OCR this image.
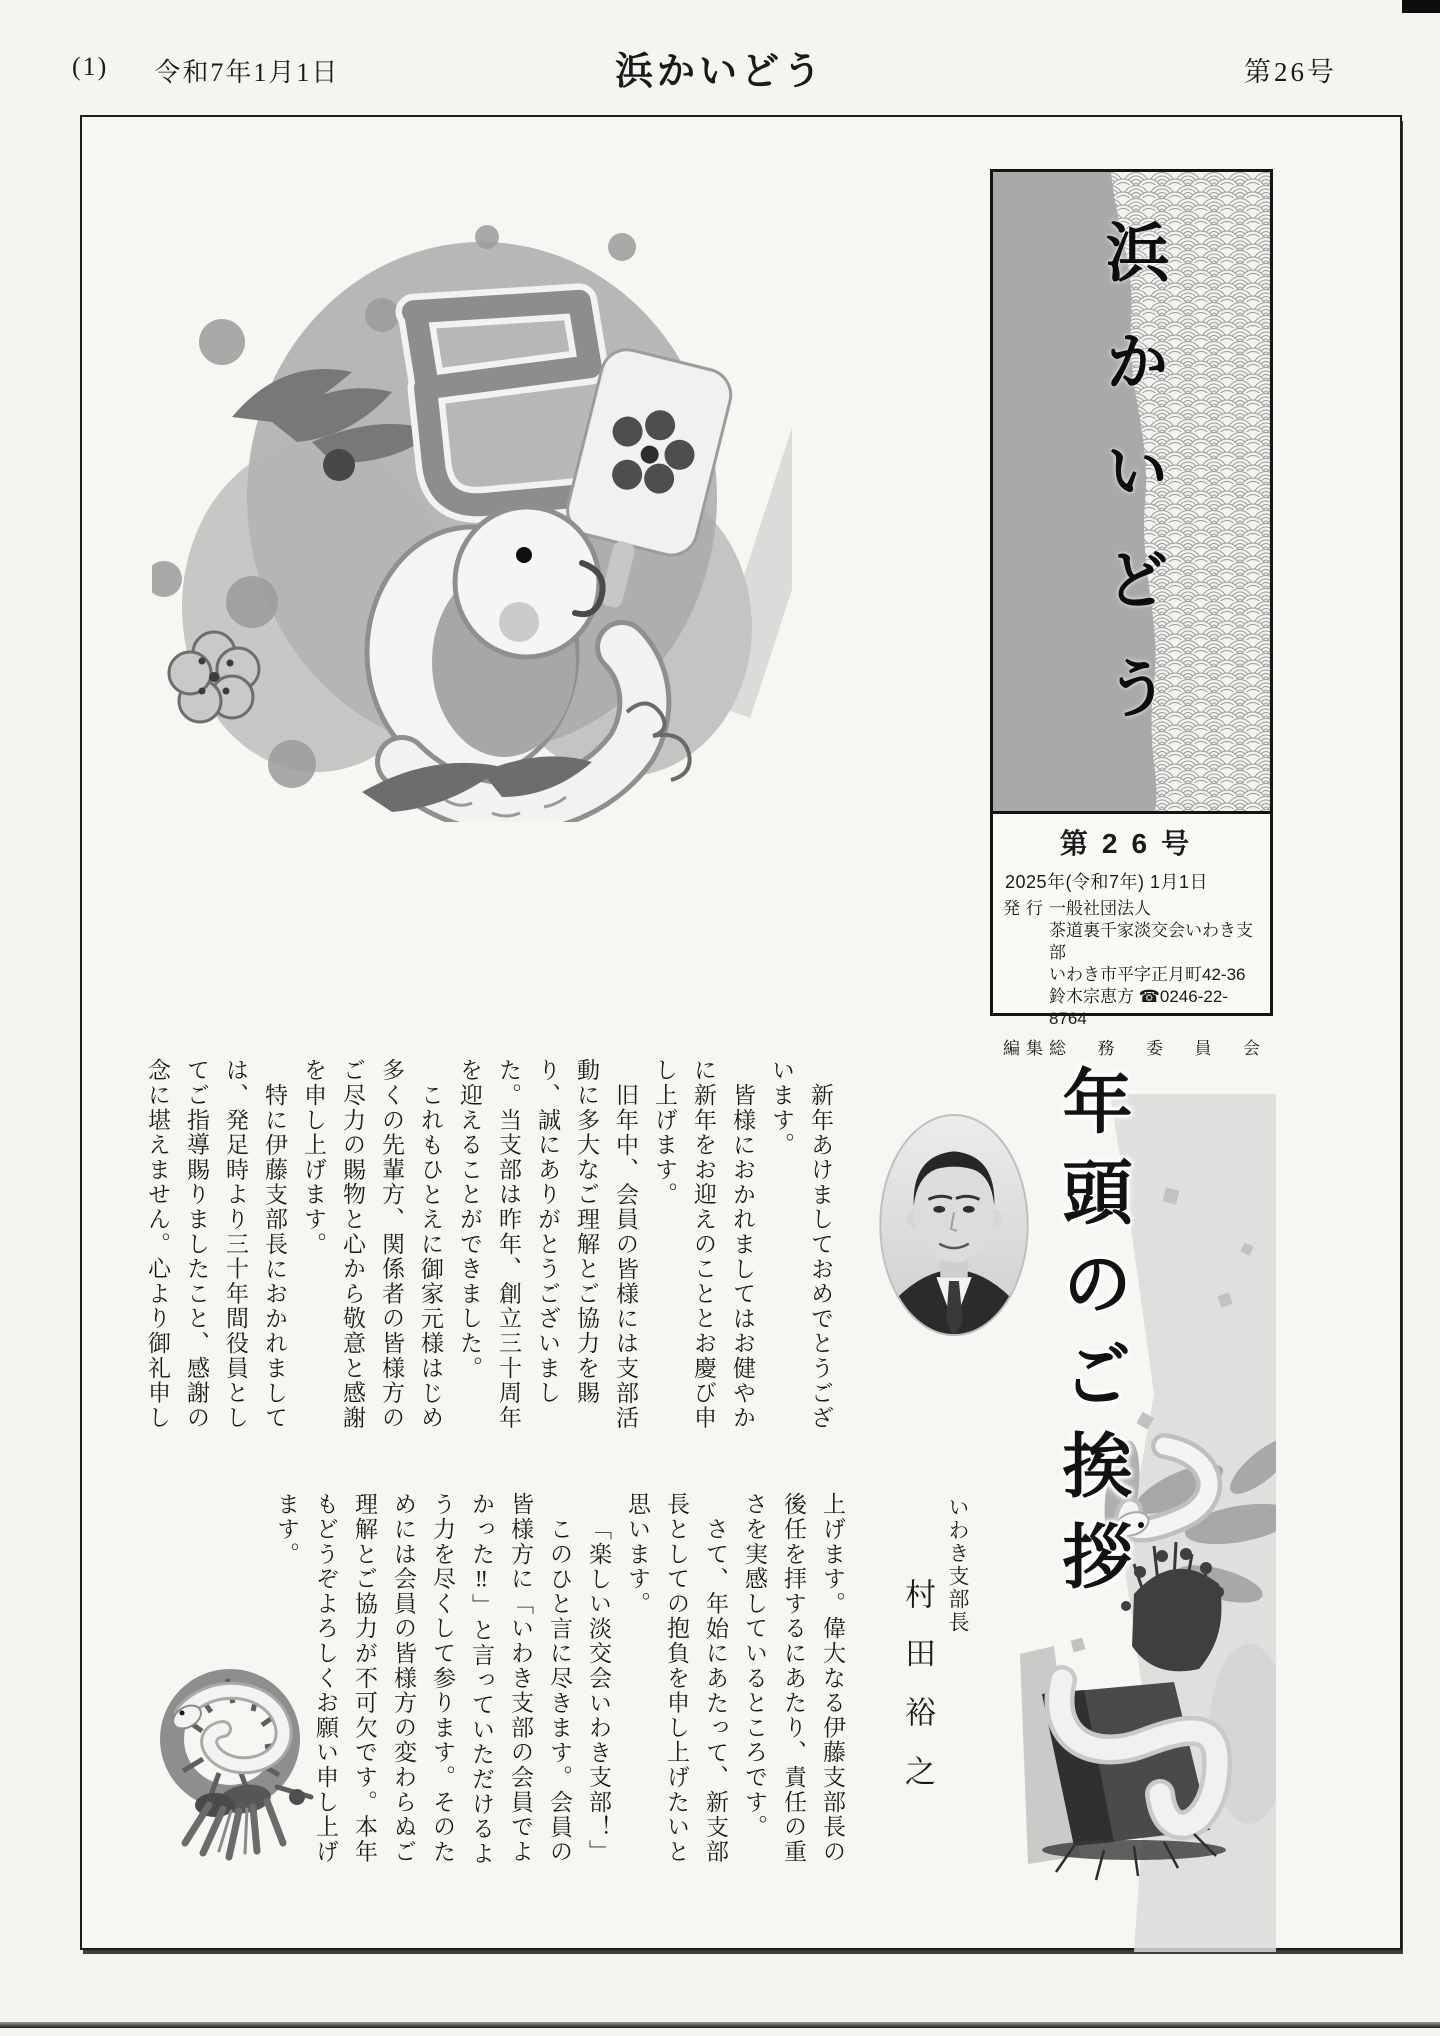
(1) 令和7年1月1日	浜かいどう	第26号
浜かいどう
第26号
2025年(令和7年) 1月1日
発行 一般社団法人
茶道裏千家淡交会いわき支部
いわき市平字正月町42-36
鈴木宗恵方 ☎0246-22-8764
編集 総務委員会
年頭のご挨拶
いわき支部長
村田裕之

新年あけましておめでとうございます。

皆様におかれましてはお健やかに新年をお迎えのこととお慶び申し上げます。

旧年中、会員の皆様には支部活動に多大なご理解とご協力を賜り、誠にありがとうございました。当支部は昨年、創立三十周年を迎えることができました。

これもひとえに御家元様はじめ多くの先輩方、関係者の皆様方のご尽力の賜物と心から敬意と感謝を申し上げます。

特に伊藤支部長におかれましては、発足時より三十年間役員としてご指導賜りましたこと、感謝の念に堪えません。心より御礼申し

上げます。偉大なる伊藤支部長の後任を拝するにあたり、責任の重さを実感しているところです。

さて、年始にあたって、新支部長としての抱負を申し上げたいと思います。

「楽しい淡交会いわき支部！」

このひと言に尽きます。会員の皆様方に「いわき支部の会員でよかった‼」と言っていただけるよう力を尽くして参ります。そのためには会員の皆様方の変わらぬご理解とご協力が不可欠です。本年もどうぞよろしくお願い申し上げます。
